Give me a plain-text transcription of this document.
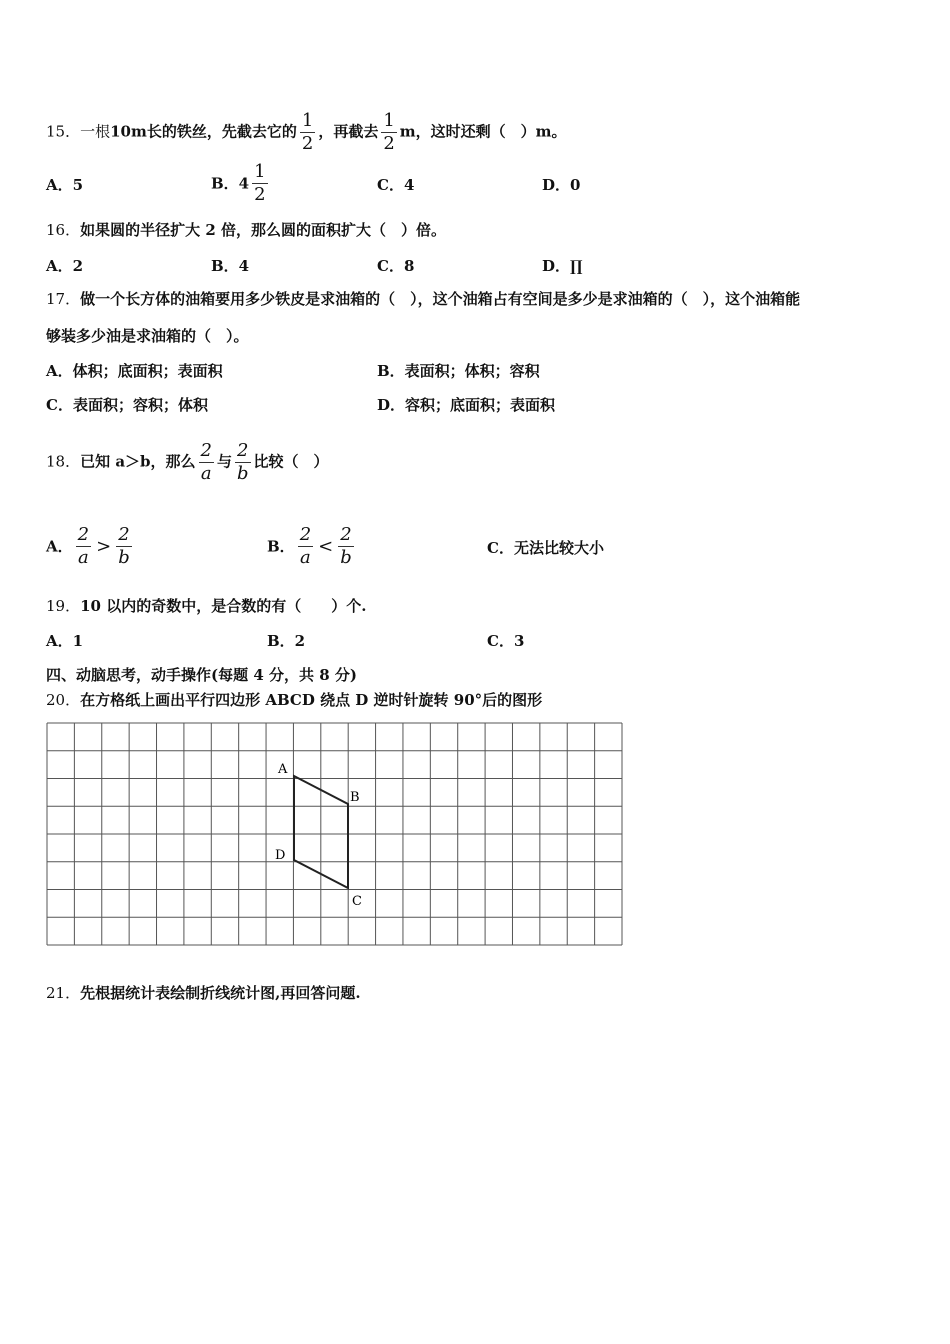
15．一根10m长的铁丝，先截去它的 $\frac{1}{2}$ ，再截去 $\frac{1}{2}$ m，这时还剩（　）m。
A．5	B．$4 \frac{1}{2}$	C．4	D．0
16．如果圆的半径扩大 2 倍，那么圆的面积扩大（　）倍。
A．2	B．4	C．8	D．∏
17．做一个长方体的油箱要用多少铁皮是求油箱的（　），这个油箱占有空间是多少是求油箱的（　），这个油箱能
够装多少油是求油箱的（　）。
A．体积；底面积；表面积	B．表面积；体积；容积
C．表面积；容积；体积	D．容积；底面积；表面积
18．已知 a＞b，那么 $\frac{2}{a}$ 与 $\frac{2}{b}$ 比较（　）
A． $\frac{2}{a} > \frac{2}{b}$	B． $\frac{2}{a} < \frac{2}{b}$	C．无法比较大小
19．10 以内的奇数中，是合数的有（　　）个.
A．1	B．2	C．3
四、动脑思考，动手操作(每题 4 分，共 8 分)
20．在方格纸上画出平行四边形 ABCD 绕点 D 逆时针旋转 90°后的图形
A
B
C
D
21．先根据统计表绘制折线统计图,再回答问题.
